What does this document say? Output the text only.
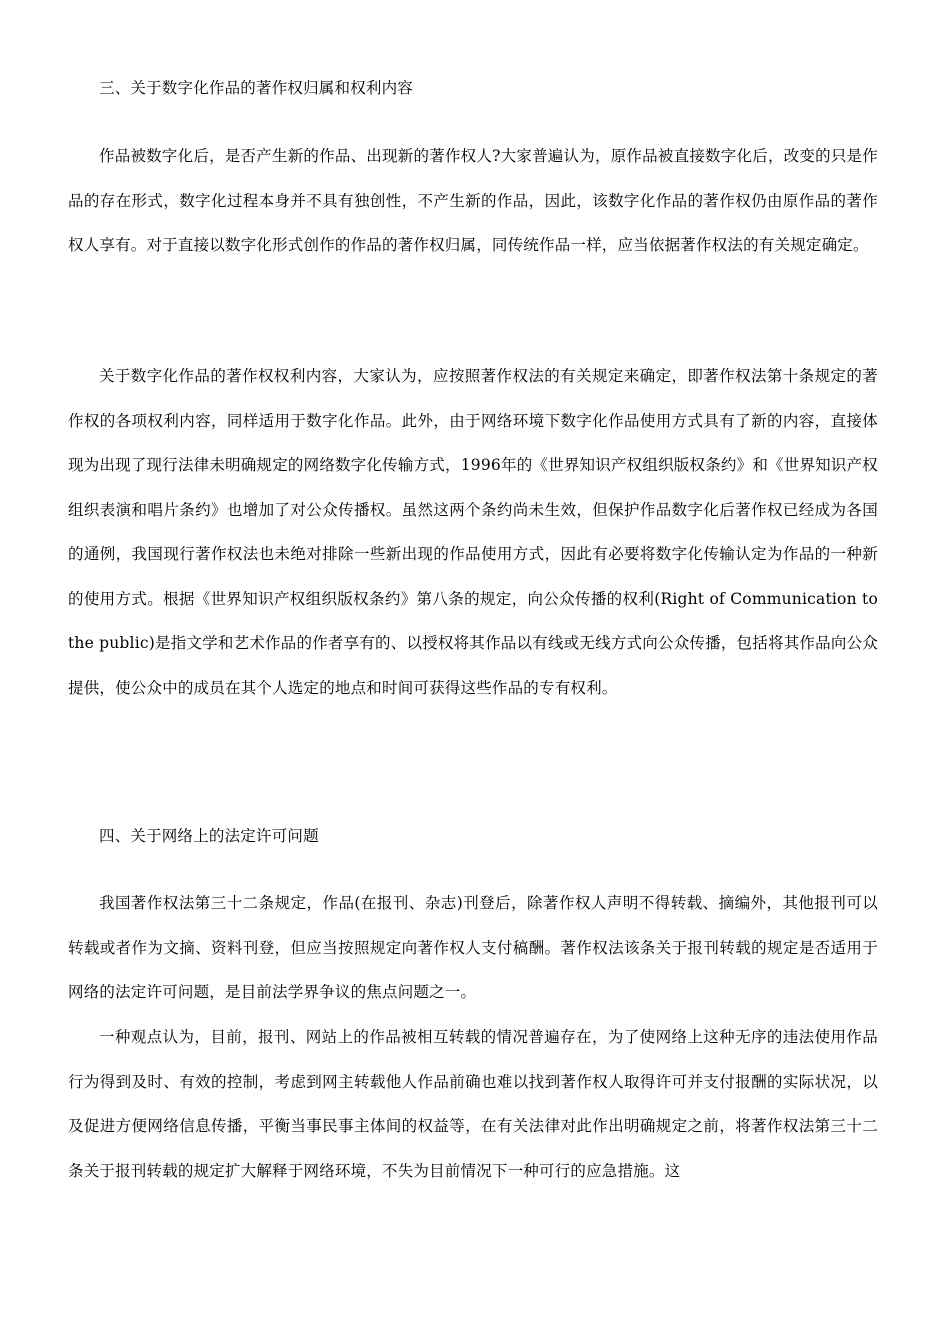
三、关于数字化作品的著作权归属和权利内容

作品被数字化后，是否产生新的作品、出现新的著作权人?大家普遍认为，原作品被直接数字化后，改变的只是作品的存在形式，数字化过程本身并不具有独创性，不产生新的作品，因此，该数字化作品的著作权仍由原作品的著作权人享有。对于直接以数字化形式创作的作品的著作权归属，同传统作品一样，应当依据著作权法的有关规定确定。

关于数字化作品的著作权权利内容，大家认为，应按照著作权法的有关规定来确定，即著作权法第十条规定的著作权的各项权利内容，同样适用于数字化作品。此外，由于网络环境下数字化作品使用方式具有了新的内容，直接体现为出现了现行法律未明确规定的网络数字化传输方式，1996年的《世界知识产权组织版权条约》和《世界知识产权组织表演和唱片条约》也增加了对公众传播权。虽然这两个条约尚未生效，但保护作品数字化后著作权已经成为各国的通例，我国现行著作权法也未绝对排除一些新出现的作品使用方式，因此有必要将数字化传输认定为作品的一种新的使用方式。根据《世界知识产权组织版权条约》第八条的规定，向公众传播的权利(Right of Communication to the public)是指文学和艺术作品的作者享有的、以授权将其作品以有线或无线方式向公众传播，包括将其作品向公众提供，使公众中的成员在其个人选定的地点和时间可获得这些作品的专有权利。

四、关于网络上的法定许可问题

我国著作权法第三十二条规定，作品(在报刊、杂志)刊登后，除著作权人声明不得转载、摘编外，其他报刊可以转载或者作为文摘、资料刊登，但应当按照规定向著作权人支付稿酬。著作权法该条关于报刊转载的规定是否适用于网络的法定许可问题，是目前法学界争议的焦点问题之一。

一种观点认为，目前，报刊、网站上的作品被相互转载的情况普遍存在，为了使网络上这种无序的违法使用作品行为得到及时、有效的控制，考虑到网主转载他人作品前确也难以找到著作权人取得许可并支付报酬的实际状况，以及促进方便网络信息传播，平衡当事民事主体间的权益等，在有关法律对此作出明确规定之前，将著作权法第三十二条关于报刊转载的规定扩大解释于网络环境，不失为目前情况下一种可行的应急措施。这
